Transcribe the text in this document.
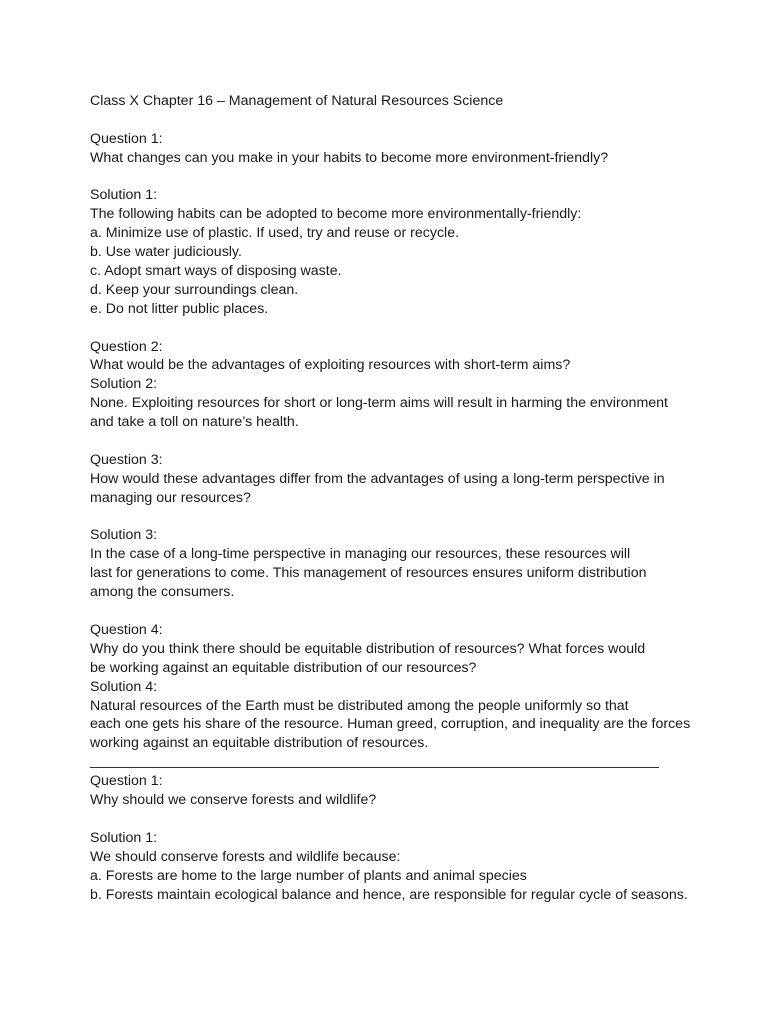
Class X Chapter 16 – Management of Natural Resources Science
Question 1:
What changes can you make in your habits to become more environment-friendly?
Solution 1:
The following habits can be adopted to become more environmentally-friendly:
a. Minimize use of plastic. If used, try and reuse or recycle.
b. Use water judiciously.
c. Adopt smart ways of disposing waste.
d. Keep your surroundings clean.
e. Do not litter public places.
Question 2:
What would be the advantages of exploiting resources with short-term aims?
Solution 2:
None. Exploiting resources for short or long-term aims will result in harming the environment
and take a toll on nature’s health.
Question 3:
How would these advantages differ from the advantages of using a long-term perspective in
managing our resources?
Solution 3:
In the case of a long-time perspective in managing our resources, these resources will
last for generations to come. This management of resources ensures uniform distribution
among the consumers.
Question 4:
Why do you think there should be equitable distribution of resources? What forces would
be working against an equitable distribution of our resources?
Solution 4:
Natural resources of the Earth must be distributed among the people uniformly so that
each one gets his share of the resource. Human greed, corruption, and inequality are the forces
working against an equitable distribution of resources.
Question 1:
Why should we conserve forests and wildlife?
Solution 1:
We should conserve forests and wildlife because:
a. Forests are home to the large number of plants and animal species
b. Forests maintain ecological balance and hence, are responsible for regular cycle of seasons.
